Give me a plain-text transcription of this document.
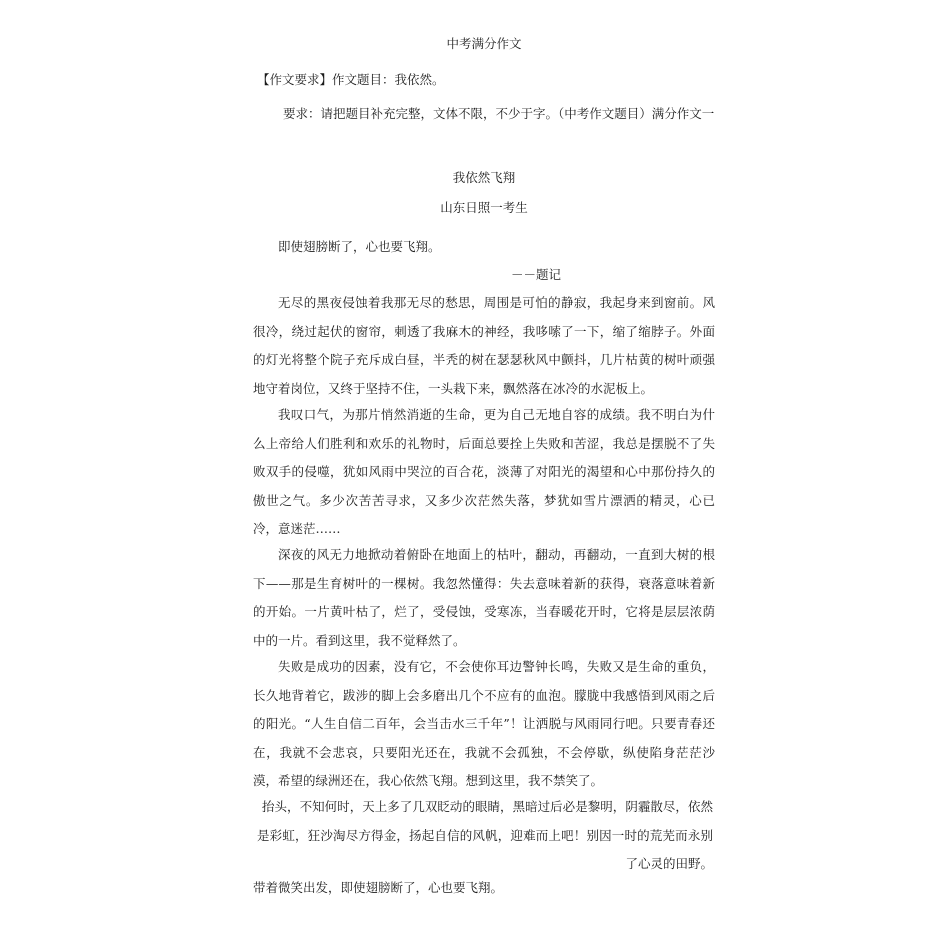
中考满分作文
【作文要求】作文题目：我依然。
要求：请把题目补充完整，文体不限，不少于字。（中考作文题目）满分作文一
我依然飞翔
山东日照一考生
即使翅膀断了，心也要飞翔。
－－题记

无尽的黑夜侵蚀着我那无尽的愁思，周围是可怕的静寂，我起身来到窗前。风很冷，绕过起伏的窗帘，刺透了我麻木的神经，我哆嗦了一下，缩了缩脖子。外面的灯光将整个院子充斥成白昼，半秃的树在瑟瑟秋风中颤抖，几片枯黄的树叶顽强地守着岗位，又终于坚持不住，一头栽下来，飘然落在冰冷的水泥板上。

我叹口气，为那片悄然消逝的生命，更为自己无地自容的成绩。我不明白为什么上帝给人们胜利和欢乐的礼物时，后面总要拴上失败和苦涩，我总是摆脱不了失败双手的侵噬，犹如风雨中哭泣的百合花，淡薄了对阳光的渴望和心中那份持久的傲世之气。多少次苦苦寻求，又多少次茫然失落，梦犹如雪片漂洒的精灵，心已冷，意迷茫……

深夜的风无力地掀动着俯卧在地面上的枯叶，翻动，再翻动，一直到大树的根下——那是生育树叶的一棵树。我忽然懂得：失去意味着新的获得，衰落意味着新的开始。一片黄叶枯了，烂了，受侵蚀，受寒冻，当春暖花开时，它将是层层浓荫中的一片。看到这里，我不觉释然了。

失败是成功的因素，没有它，不会使你耳边警钟长鸣，失败又是生命的重负，长久地背着它，跋涉的脚上会多磨出几个不应有的血泡。朦胧中我感悟到风雨之后的阳光。“人生自信二百年，会当击水三千年”！让洒脱与风雨同行吧。只要青春还在，我就不会悲哀，只要阳光还在，我就不会孤独，不会停歇，纵使陷身茫茫沙漠，希望的绿洲还在，我心依然飞翔。想到这里，我不禁笑了。

抬头，不知何时，天上多了几双眨动的眼睛，黑暗过后必是黎明，阴霾散尽，依然是彩虹，狂沙淘尽方得金，扬起自信的风帆，迎难而上吧！别因一时的荒芜而永别了心灵的田野。

带着微笑出发，即使翅膀断了，心也要飞翔。
